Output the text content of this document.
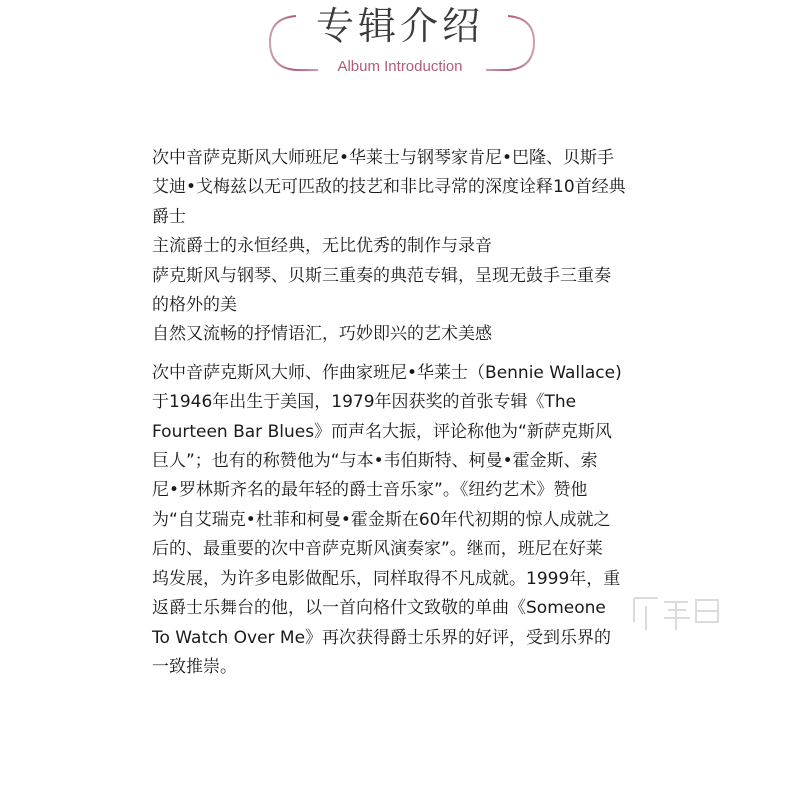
专辑介绍
Album Introduction

次中音萨克斯风大师班尼•华莱士与钢琴家肯尼•巴隆、贝斯手
艾迪•戈梅兹以无可匹敌的技艺和非比寻常的深度诠释10首经典
爵士
主流爵士的永恒经典，无比优秀的制作与录音
萨克斯风与钢琴、贝斯三重奏的典范专辑，呈现无鼓手三重奏
的格外的美
自然又流畅的抒情语汇，巧妙即兴的艺术美感

次中音萨克斯风大师、作曲家班尼•华莱士（Bennie Wallace)
于1946年出生于美国，1979年因获奖的首张专辑《The
Fourteen Bar Blues》而声名大振，评论称他为“新萨克斯风
巨人”；也有的称赞他为“与本•韦伯斯特、柯曼•霍金斯、索
尼•罗林斯齐名的最年轻的爵士音乐家”。《纽约艺术》赞他
为“自艾瑞克•杜菲和柯曼•霍金斯在60年代初期的惊人成就之
后的、最重要的次中音萨克斯风演奏家”。继而，班尼在好莱
坞发展，为许多电影做配乐，同样取得不凡成就。1999年，重
返爵士乐舞台的他，以一首向格什文致敬的单曲《Someone
To Watch Over Me》再次获得爵士乐界的好评，受到乐界的
一致推崇。
